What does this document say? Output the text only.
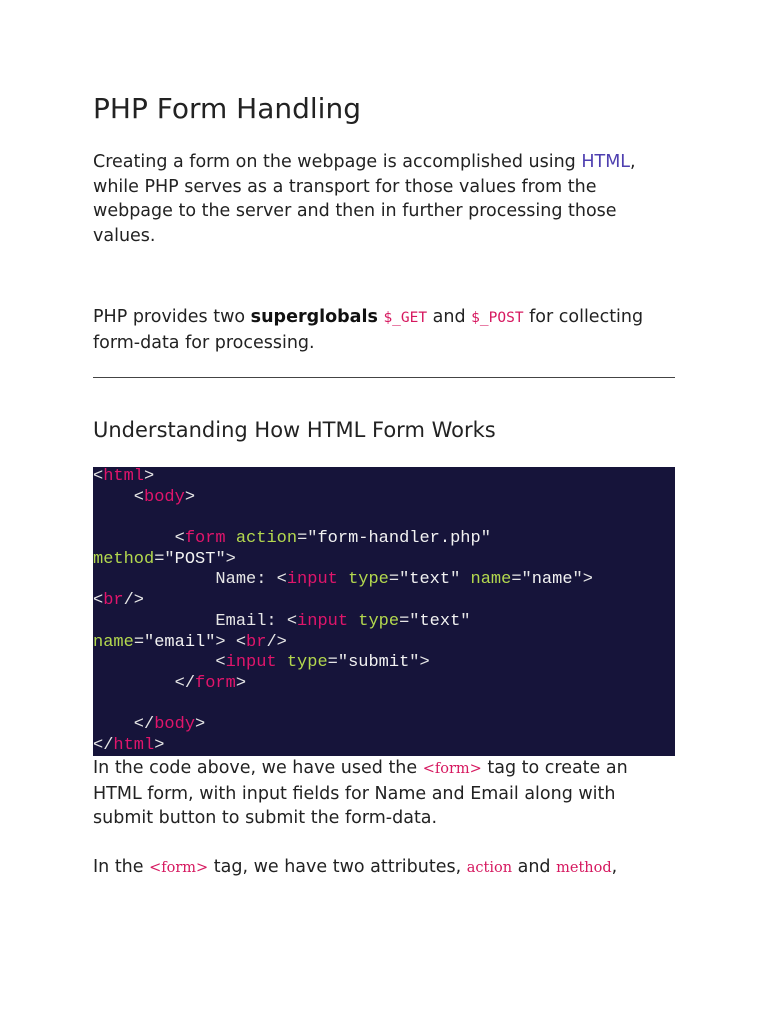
PHP Form Handling

Creating a form on the webpage is accomplished using HTML, while PHP serves as a transport for those values from the webpage to the server and then in further processing those values.

PHP provides two superglobals $_GET and $_POST for collecting form-data for processing.

Understanding How HTML Form Works
<html>
<body>
<form action="form-handler.php"
method="POST">
Name: <input type="text" name="name">
<br/>
Email: <input type="text"
name="email"> <br/>
<input type="submit">
</form>
</body>
</html>

In the code above, we have used the <form> tag to create an HTML form, with input fields for Name and Email along with submit button to submit the form-data.

In the <form> tag, we have two attributes, action and method,
